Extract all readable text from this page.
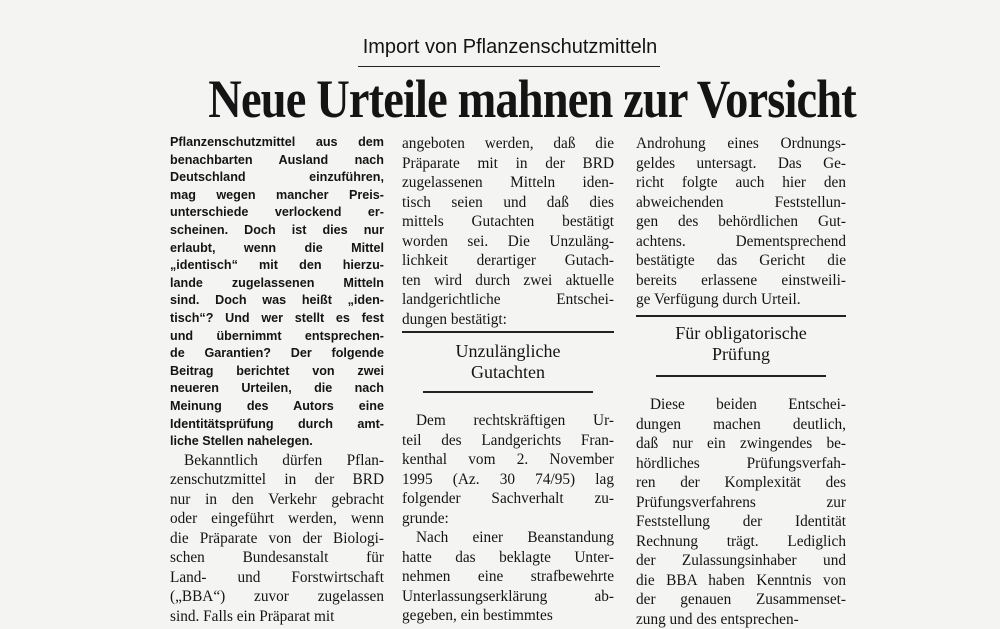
Import von Pflanzenschutzmitteln
Neue Urteile mahnen zur Vorsicht
Pflanzenschutzmittel aus dem
benachbarten Ausland nach
Deutschland einzuführen,
mag wegen mancher Preis-
unterschiede verlockend er-
scheinen. Doch ist dies nur
erlaubt, wenn die Mittel
„identisch“ mit den hierzu-
lande zugelassenen Mitteln
sind. Doch was heißt „iden-
tisch“? Und wer stellt es fest
und übernimmt entsprechen-
de Garantien? Der folgende
Beitrag berichtet von zwei
neueren Urteilen, die nach
Meinung des Autors eine
Identitätsprüfung durch amt-
liche Stellen nahelegen.
Bekanntlich dürfen Pflan-
zenschutzmittel in der BRD
nur in den Verkehr gebracht
oder eingeführt werden, wenn
die Präparate von der Biologi-
schen Bundesanstalt für
Land- und Forstwirtschaft
(„BBA“) zuvor zugelassen
sind. Falls ein Präparat mit
angeboten werden, daß die
Präparate mit in der BRD
zugelassenen Mitteln iden-
tisch seien und daß dies
mittels Gutachten bestätigt
worden sei. Die Unzuläng-
lichkeit derartiger Gutach-
ten wird durch zwei aktuelle
landgerichtliche Entschei-
dungen bestätigt:
Unzulängliche
Gutachten
Dem rechtskräftigen Ur-
teil des Landgerichts Fran-
kenthal vom 2. November
1995 (Az. 30 74/95) lag
folgender Sachverhalt zu-
grunde:
Nach einer Beanstandung
hatte das beklagte Unter-
nehmen eine strafbewehrte
Unterlassungserklärung ab-
gegeben, ein bestimmtes
Androhung eines Ordnungs-
geldes untersagt. Das Ge-
richt folgte auch hier den
abweichenden Feststellun-
gen des behördlichen Gut-
achtens. Dementsprechend
bestätigte das Gericht die
bereits erlassene einstweili-
ge Verfügung durch Urteil.
Für obligatorische
Prüfung
Diese beiden Entschei-
dungen machen deutlich,
daß nur ein zwingendes be-
hördliches Prüfungsverfah-
ren der Komplexität des
Prüfungsverfahrens zur
Feststellung der Identität
Rechnung trägt. Lediglich
der Zulassungsinhaber und
die BBA haben Kenntnis von
der genauen Zusammenset-
zung und des entsprechen-
